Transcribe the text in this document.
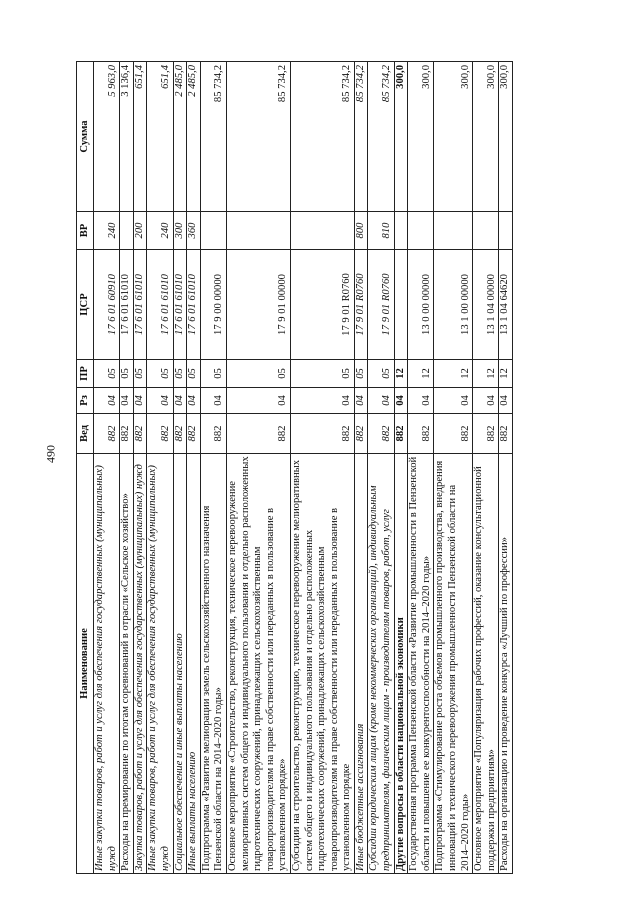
490
Наименование	Вед	Рз	ПР	ЦСР	ВР	Сумма
Иные закупки товаров, работ и услуг для обеспечения государственных (муниципальных) нужд	882	04	05	17 6 01 60910	240	5 963,0
Расходы на премирование по итогам соревнований в отрасли «Сельское хозяйство»	882	04	05	17 6 01 61010		3 136,4
Закупка товаров, работ и услуг для обеспечения государственных (муниципальных) нужд	882	04	05	17 6 01 61010	200	651,4
Иные закупки товаров, работ и услуг для обеспечения государственных (муниципальных) нужд	882	04	05	17 6 01 61010	240	651,4
Социальное обеспечение и иные выплаты населению	882	04	05	17 6 01 61010	300	2 485,0
Иные выплаты населению	882	04	05	17 6 01 61010	360	2 485,0
Подпрограмма «Развитие мелиорации земель сельскохозяйственного назначения Пензенской области на 2014–2020 годы»	882	04	05	17 9 00 00000		85 734,2
Основное мероприятие «Строительство, реконструкция, техническое перевооружение мелиоративных систем общего и индивидуального пользования и отдельно расположенных гидротехнических сооружений, принадлежащих сельскохозяйственным товаропроизводителям на праве собственности или переданных в пользование в установленном порядке»	882	04	05	17 9 01 00000		85 734,2
Субсидии на строительство, реконструкцию, техническое перевооружение мелиоративных систем общего и индивидуального пользования и отдельно расположенных гидротехнических сооружений, принадлежащих сельскохозяйственным товаропроизводителям на праве собственности или переданных в пользование в установленном порядке	882	04	05	17 9 01 R0760		85 734,2
Иные бюджетные ассигнования	882	04	05	17 9 01 R0760	800	85 734,2
Субсидии юридическим лицам (кроме некоммерческих организаций), индивидуальным предпринимателям, физическим лицам - производителям товаров, работ, услуг	882	04	05	17 9 01 R0760	810	85 734,2
Другие вопросы в области национальной экономики	882	04	12			300,0
Государственная программа Пензенской области «Развитие промышленности в Пензенской области и повышение ее конкурентоспособности на 2014–2020 годы»	882	04	12	13 0 00 00000		300,0
Подпрограмма «Стимулирование роста объемов промышленного производства, внедрения инноваций и технического перевооружения промышленности Пензенской области на 2014–2020 годы»	882	04	12	13 1 00 00000		300,0
Основное мероприятие «Популяризация рабочих профессий, оказание консультационной поддержки предприятиям»	882	04	12	13 1 04 00000		300,0
Расходы на организацию и проведение конкурса «Лучший по профессии»	882	04	12	13 1 04 64620		300,0
